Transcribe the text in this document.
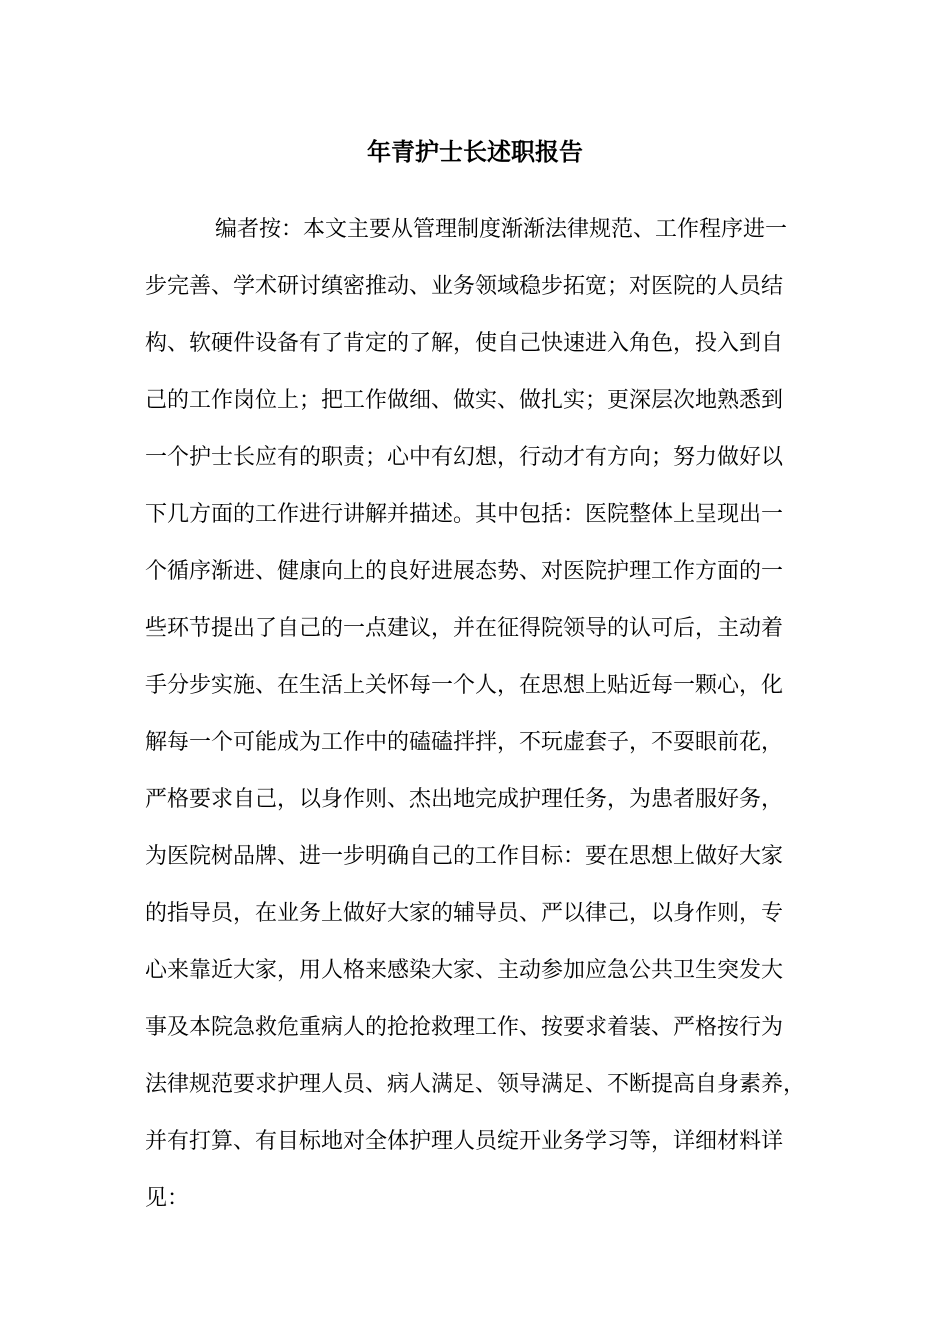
年青护士长述职报告
编者按：本文主要从管理制度渐渐法律规范、工作程序进一
步完善、学术研讨缜密推动、业务领域稳步拓宽；对医院的人员结
构、软硬件设备有了肯定的了解，使自己快速进入角色，投入到自
己的工作岗位上；把工作做细、做实、做扎实；更深层次地熟悉到
一个护士长应有的职责；心中有幻想，行动才有方向；努力做好以
下几方面的工作进行讲解并描述。其中包括：医院整体上呈现出一
个循序渐进、健康向上的良好进展态势、对医院护理工作方面的一
些环节提出了自己的一点建议，并在征得院领导的认可后，主动着
手分步实施、在生活上关怀每一个人，在思想上贴近每一颗心，化
解每一个可能成为工作中的磕磕拌拌，不玩虚套子，不耍眼前花，
严格要求自己，以身作则、杰出地完成护理任务，为患者服好务，
为医院树品牌、进一步明确自己的工作目标：要在思想上做好大家
的指导员，在业务上做好大家的辅导员、严以律己，以身作则，专
心来靠近大家，用人格来感染大家、主动参加应急公共卫生突发大
事及本院急救危重病人的抢抢救理工作、按要求着装、严格按行为
法律规范要求护理人员、病人满足、领导满足、不断提高自身素养，
并有打算、有目标地对全体护理人员绽开业务学习等，详细材料详
见：
